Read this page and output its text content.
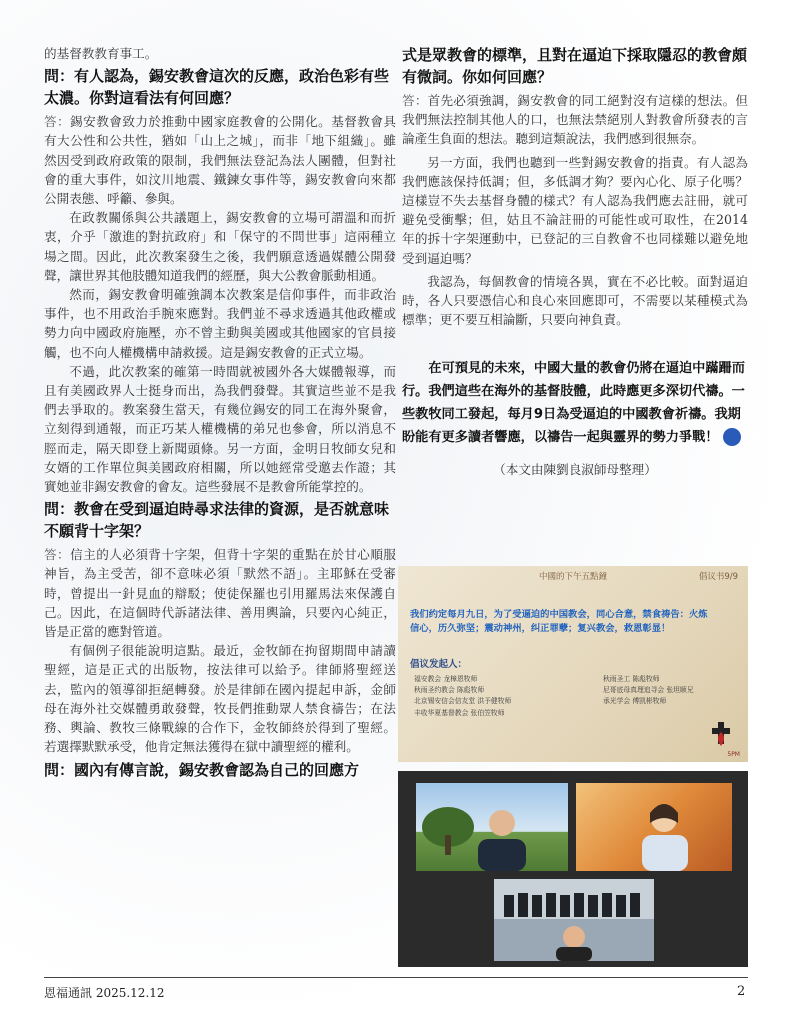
的基督教教育事工。

問：有人認為，錫安教會這次的反應，政治色彩有些太濃。你對這看法有何回應？

答：錫安教會致力於推動中國家庭教會的公開化。基督教會具有大公性和公共性，猶如「山上之城」，而非「地下組織」。雖然因受到政府政策的限制，我們無法登記為法人團體，但對社會的重大事件，如汶川地震、鐵鍊女事件等，錫安教會向來都公開表態、呼籲、參與。

在政教關係與公共議題上，錫安教會的立場可謂溫和而折衷，介乎「激進的對抗政府」和「保守的不問世事」這兩種立場之間。因此，此次教案發生之後，我們願意透過媒體公開發聲，讓世界其他肢體知道我們的經歷，與大公教會脈動相通。

然而，錫安教會明確強調本次教案是信仰事件，而非政治事件，也不用政治手腕來應對。我們並不尋求透過其他政權或勢力向中國政府施壓，亦不曾主動與美國或其他國家的官員接觸，也不向人權機構申請救援。這是錫安教會的正式立場。

不過，此次教案的確第一時間就被國外各大媒體報導，而且有美國政界人士挺身而出，為我們發聲。其實這些並不是我們去爭取的。教案發生當天，有幾位錫安的同工在海外聚會，立刻得到通報，而正巧某人權機構的弟兄也參會，所以消息不脛而走，隔天即登上新聞頭條。另一方面，金明日牧師女兒和女婿的工作單位與美國政府相關，所以她經常受邀去作證；其實她並非錫安教會的會友。這些發展不是教會所能掌控的。

問：教會在受到逼迫時尋求法律的資源，是否就意味不願背十字架？

答：信主的人必須背十字架，但背十字架的重點在於甘心順服神旨，為主受苦，卻不意味必須「默然不語」。主耶穌在受審時，曾提出一針見血的辯駁；使徒保羅也引用羅馬法來保護自己。因此，在這個時代訴諸法律、善用輿論，只要內心純正，皆是正當的應對管道。

有個例子很能說明這點。最近，金牧師在拘留期間申請讀聖經，這是正式的出版物，按法律可以給予。律師將聖經送去，監內的領導卻拒絕轉發。於是律師在國內提起申訴，金師母在海外社交媒體勇敢發聲，牧長們推動眾人禁食禱告；在法務、輿論、教牧三條戰線的合作下，金牧師終於得到了聖經。若選擇默默承受，他肯定無法獲得在獄中讀聖經的權利。

問：國內有傳言說，錫安教會認為自己的回應方
式是眾教會的標準，且對在逼迫下採取隱忍的教會頗有微詞。你如何回應？

答：首先必須強調，錫安教會的同工絕對沒有這樣的想法。但我們無法控制其他人的口，也無法禁絕別人對教會所發表的言論產生負面的想法。聽到這類說法，我們感到很無奈。

另一方面，我們也聽到一些對錫安教會的指責。有人認為我們應該保持低調；但，多低調才夠？要內心化、原子化嗎？這樣豈不失去基督身體的樣式？有人認為我們應去註冊，就可避免受衝擊；但，姑且不論註冊的可能性或可取性，在2014年的拆十字架運動中，已登記的三自教會不也同樣難以避免地受到逼迫嗎？

我認為，每個教會的情境各異，實在不必比較。面對逼迫時，各人只要憑信心和良心來回應即可，不需要以某種模式為標準；更不要互相論斷，只要向神負責。

在可預見的未來，中國大量的教會仍將在逼迫中蹣跚而行。我們這些在海外的基督肢體，此時應更多深切代禱。一些教牧同工發起，每月9日為受逼迫的中國教會祈禱。我期盼能有更多讀者響應，以禱告一起與靈界的勢力爭戰！	恩
（本文由陳劉良淑師母整理）
中國的下午五點鐘	倡议书9/9
我们约定每月九日，为了受逼迫的中国教会，同心合意，禁食祷告：火炼信心，历久弥坚；震动神州，纠正罪孽；复兴教会，救恩彰显！
倡议发起人：
福安教会 龙樟恩牧师
秋雨圣约教会 陈彪牧师
北京锡安信会信友堂 洪予健牧师
丰收华夏基督教会 张伯笠牧师
秋雨圣工 陈彪牧师
尼哥底母真理追寻会 张坦顺兄
承光学会 傅凯彬牧师
5PM
恩福通訊 2025.12.12	2
